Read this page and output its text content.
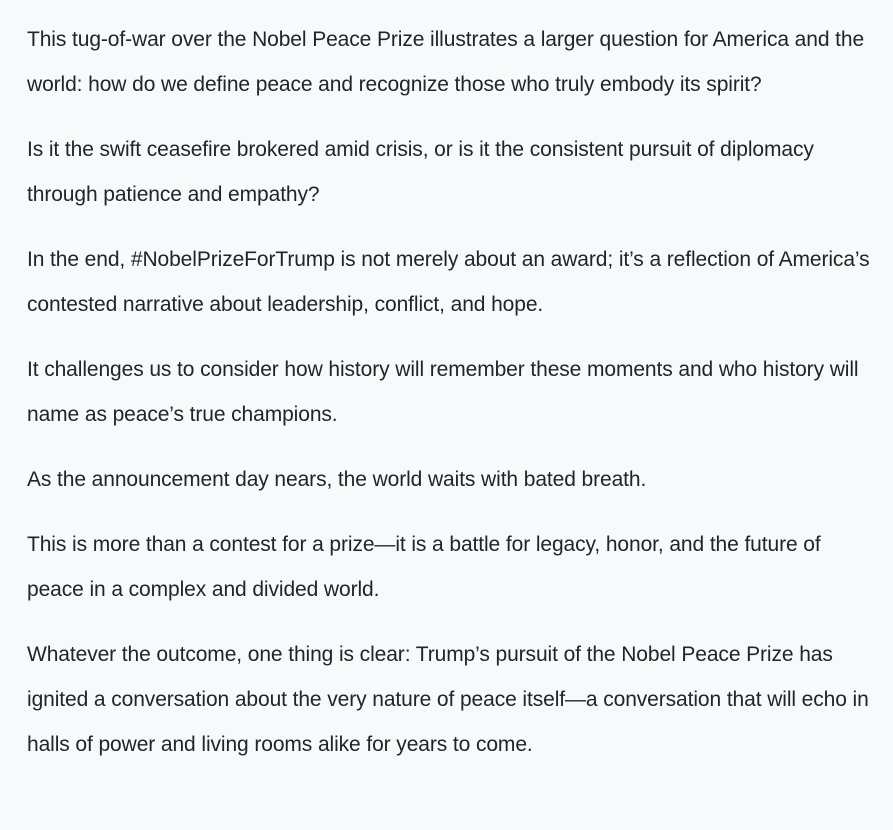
This tug-of-war over the Nobel Peace Prize illustrates a larger question for America and the world: how do we define peace and recognize those who truly embody its spirit?

Is it the swift ceasefire brokered amid crisis, or is it the consistent pursuit of diplomacy through patience and empathy?

In the end, #NobelPrizeForTrump is not merely about an award; it’s a reflection of America’s contested narrative about leadership, conflict, and hope.

It challenges us to consider how history will remember these moments and who history will name as peace’s true champions.

As the announcement day nears, the world waits with bated breath.

This is more than a contest for a prize—it is a battle for legacy, honor, and the future of peace in a complex and divided world.

Whatever the outcome, one thing is clear: Trump’s pursuit of the Nobel Peace Prize has ignited a conversation about the very nature of peace itself—a conversation that will echo in halls of power and living rooms alike for years to come.
